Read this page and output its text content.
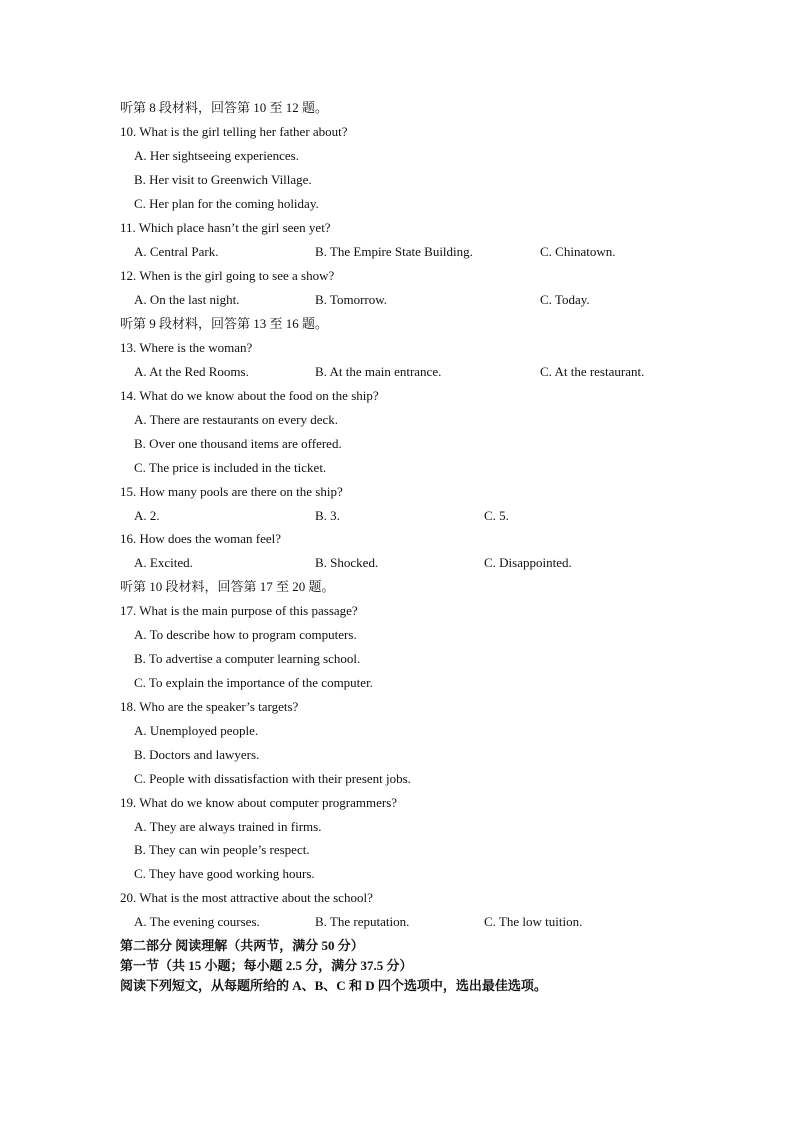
听第 8 段材料，回答第 10 至 12 题。
10. What is the girl telling her father about?
A. Her sightseeing experiences.
B. Her visit to Greenwich Village.
C. Her plan for the coming holiday.
11. Which place hasn’t the girl seen yet?
A. Central Park.	B. The Empire State Building.	C. Chinatown.
12. When is the girl going to see a show?
A. On the last night.	B. Tomorrow.	C. Today.
听第 9 段材料，回答第 13 至 16 题。
13. Where is the woman?
A. At the Red Rooms.	B. At the main entrance.	C. At the restaurant.
14. What do we know about the food on the ship?
A. There are restaurants on every deck.
B. Over one thousand items are offered.
C. The price is included in the ticket.
15. How many pools are there on the ship?
A. 2.	B. 3.	C. 5.
16. How does the woman feel?
A. Excited.	B. Shocked.	C. Disappointed.
听第 10 段材料，回答第 17 至 20 题。
17. What is the main purpose of this passage?
A. To describe how to program computers.
B. To advertise a computer learning school.
C. To explain the importance of the computer.
18. Who are the speaker’s targets?
A. Unemployed people.
B. Doctors and lawyers.
C. People with dissatisfaction with their present jobs.
19. What do we know about computer programmers?
A. They are always trained in firms.
B. They can win people’s respect.
C. They have good working hours.
20. What is the most attractive about the school?
A. The evening courses.	B. The reputation.	C. The low tuition.
第二部分 阅读理解（共两节，满分 50 分）
第一节（共 15 小题；每小题 2.5 分，满分 37.5 分）
阅读下列短文，从每题所给的 A、B、C 和 D 四个选项中，选出最佳选项。
